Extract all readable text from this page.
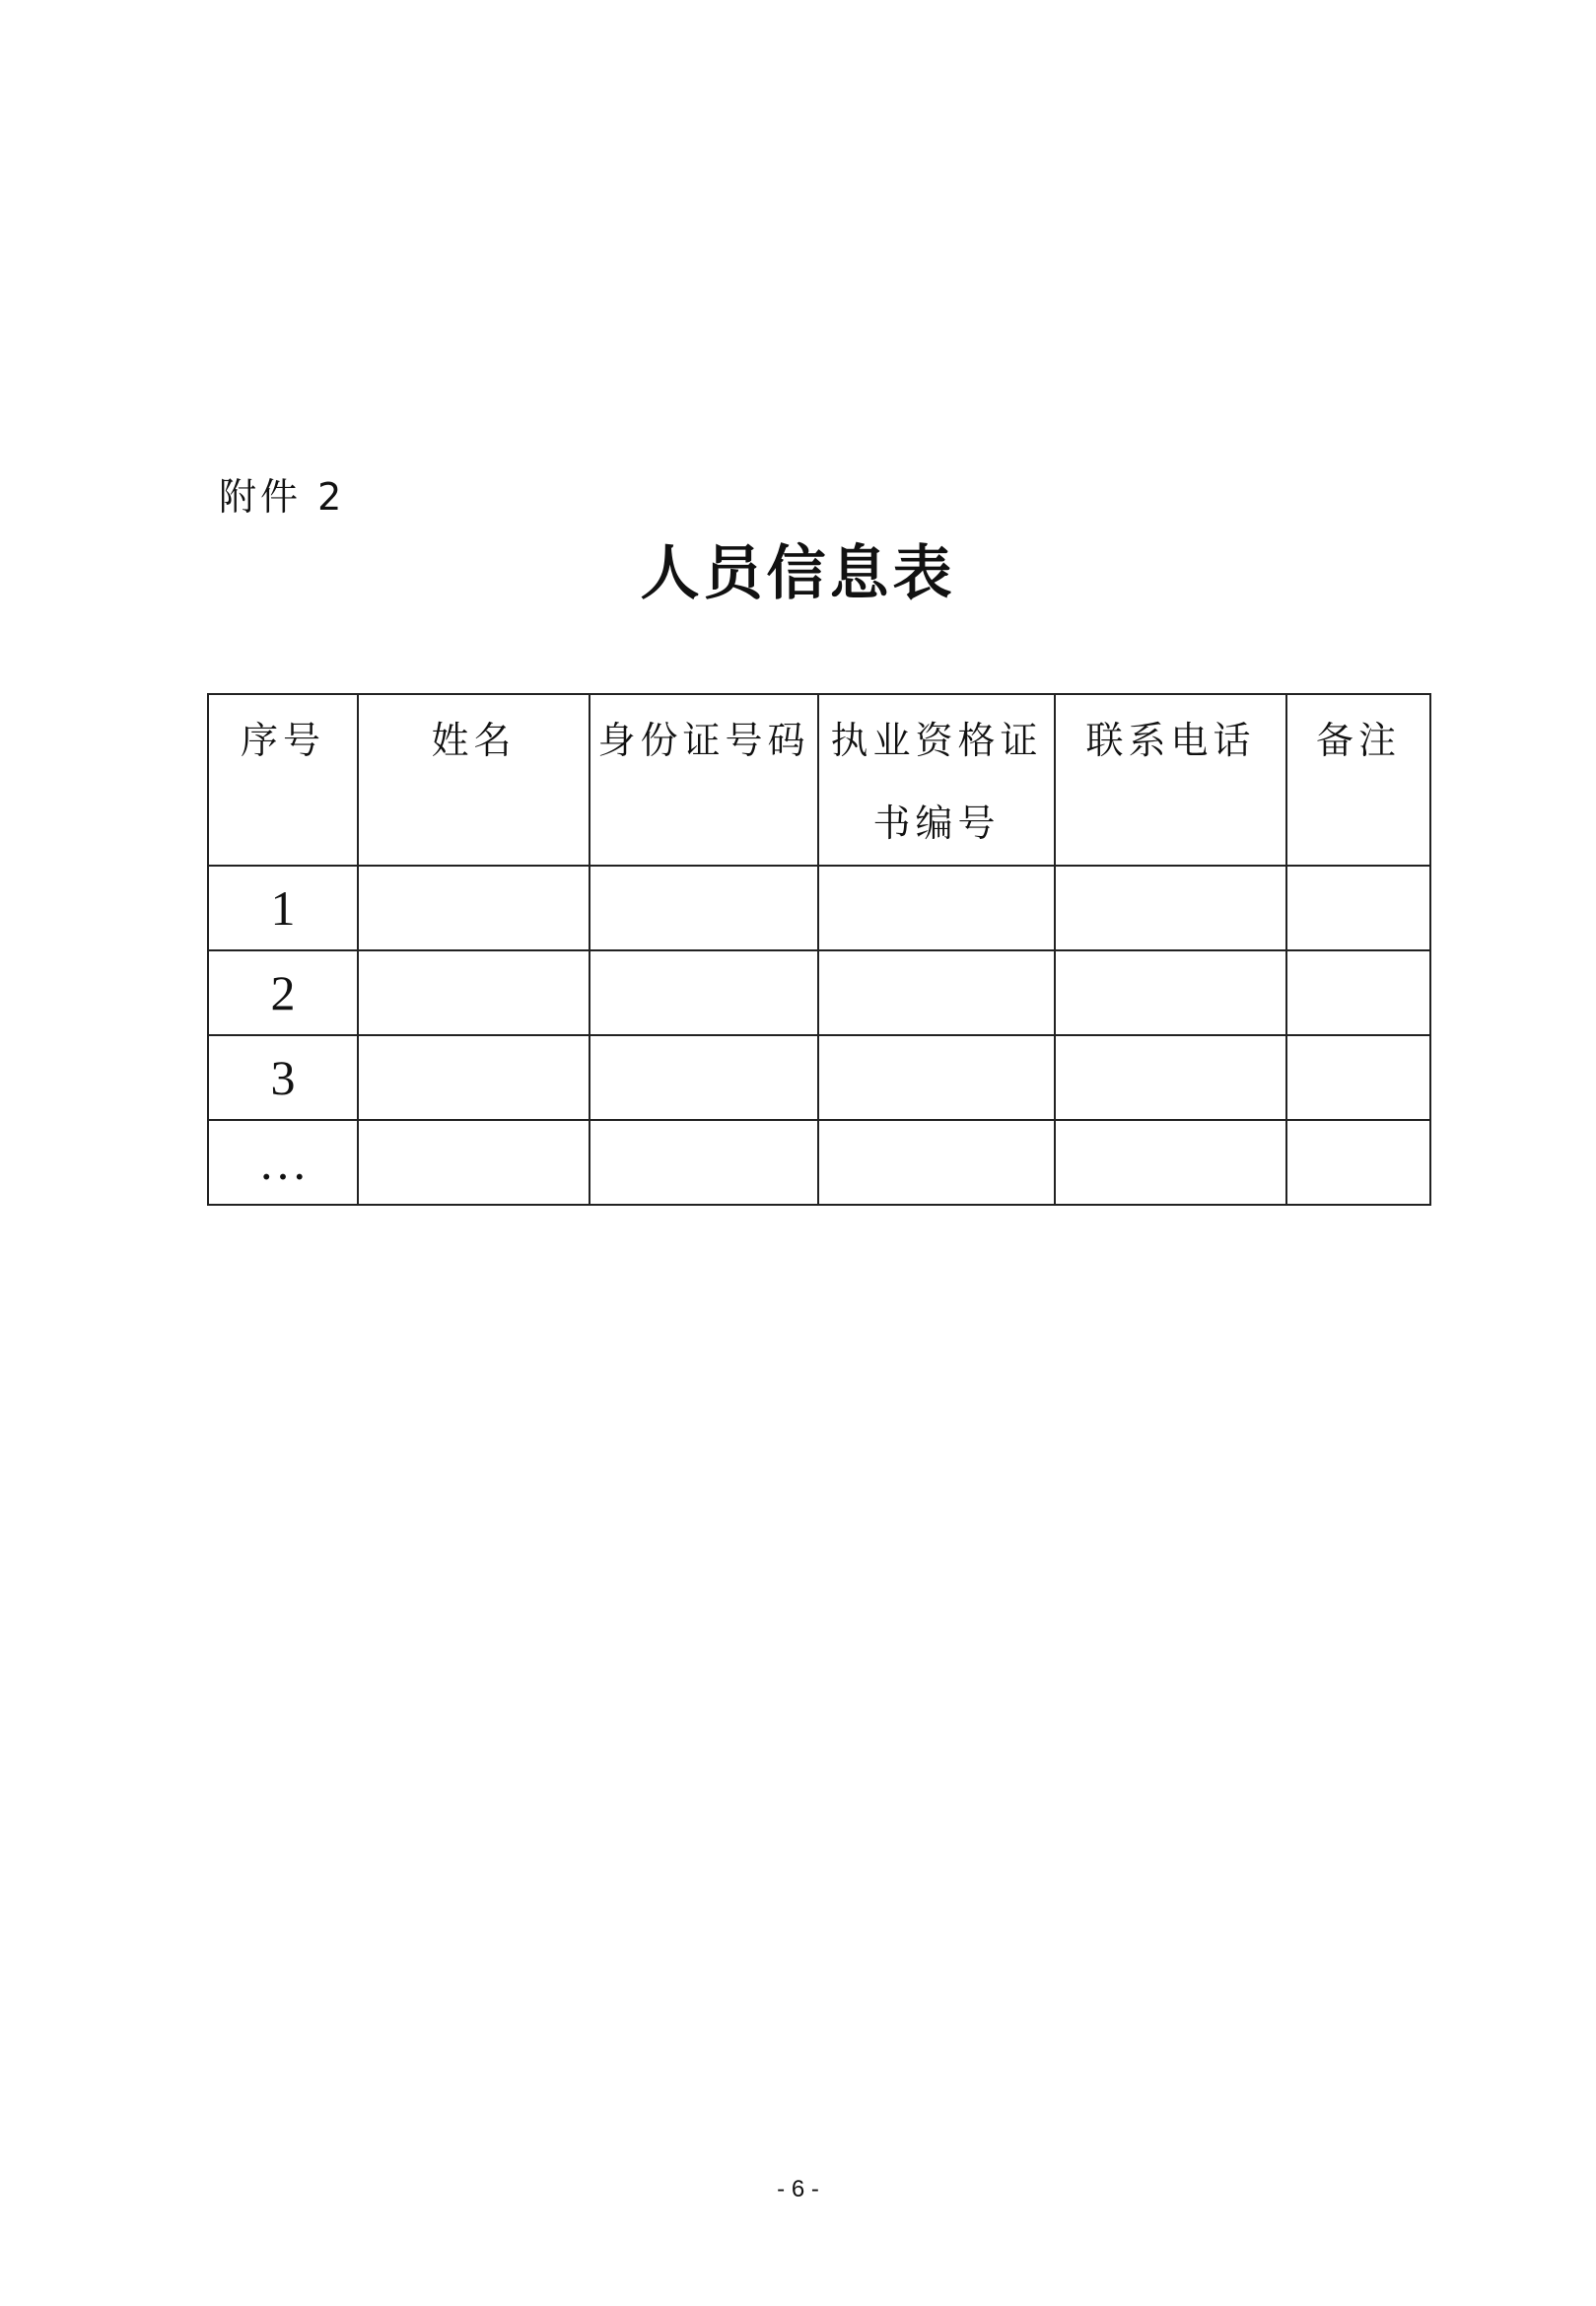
附件 2
人员信息表
序号	姓名	身份证号码	执业资格证书编号	联系电话	备注
1					
2					
3					
…					
- 6 -
